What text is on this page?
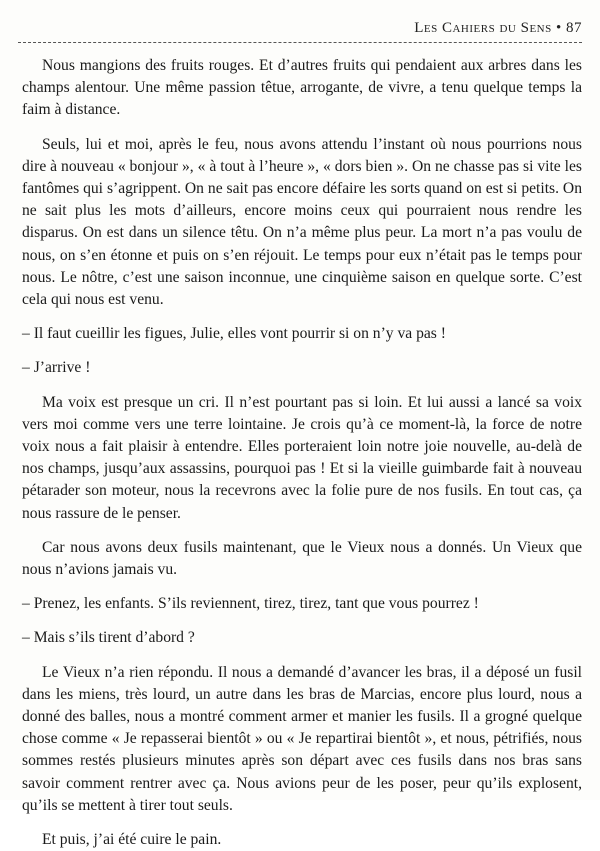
Les Cahiers du Sens • 87

Nous mangions des fruits rouges. Et d’autres fruits qui pendaient aux arbres dans les champs alentour. Une même passion têtue, arrogante, de vivre, a tenu quelque temps la faim à distance.

Seuls, lui et moi, après le feu, nous avons attendu l’instant où nous pourrions nous dire à nouveau « bonjour », « à tout à l’heure », « dors bien ». On ne chasse pas si vite les fantômes qui s’agrippent. On ne sait pas encore défaire les sorts quand on est si petits. On ne sait plus les mots d’ailleurs, encore moins ceux qui pourraient nous rendre les disparus. On est dans un silence têtu. On n’a même plus peur. La mort n’a pas voulu de nous, on s’en étonne et puis on s’en réjouit. Le temps pour eux n’était pas le temps pour nous. Le nôtre, c’est une saison inconnue, une cinquième saison en quelque sorte. C’est cela qui nous est venu.

– Il faut cueillir les figues, Julie, elles vont pourrir si on n’y va pas !

– J’arrive !

Ma voix est presque un cri. Il n’est pourtant pas si loin. Et lui aussi a lancé sa voix vers moi comme vers une terre lointaine. Je crois qu’à ce moment-là, la force de notre voix nous a fait plaisir à entendre. Elles porteraient loin notre joie nouvelle, au-delà de nos champs, jusqu’aux assassins, pourquoi pas ! Et si la vieille guimbarde fait à nouveau pétarader son moteur, nous la recevrons avec la folie pure de nos fusils. En tout cas, ça nous rassure de le penser.

Car nous avons deux fusils maintenant, que le Vieux nous a donnés. Un Vieux que nous n’avions jamais vu.

– Prenez, les enfants. S’ils reviennent, tirez, tirez, tant que vous pourrez !

– Mais s’ils tirent d’abord ?

Le Vieux n’a rien répondu. Il nous a demandé d’avancer les bras, il a déposé un fusil dans les miens, très lourd, un autre dans les bras de Marcias, encore plus lourd, nous a donné des balles, nous a montré comment armer et manier les fusils. Il a grogné quelque chose comme « Je repasserai bientôt » ou « Je repartirai bientôt », et nous, pétrifiés, nous sommes restés plusieurs minutes après son départ avec ces fusils dans nos bras sans savoir comment rentrer avec ça. Nous avions peur de les poser, peur qu’ils explosent, qu’ils se mettent à tirer tout seuls.

Et puis, j’ai été cuire le pain.
